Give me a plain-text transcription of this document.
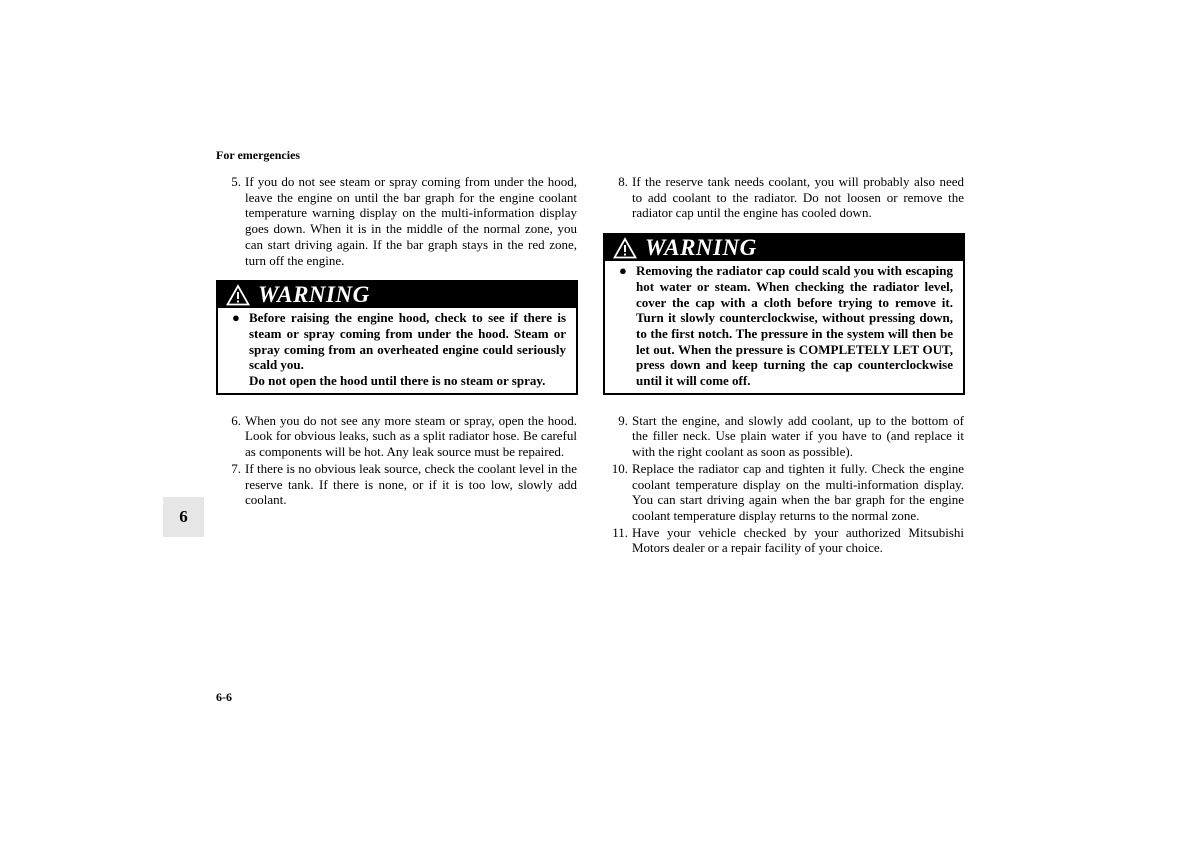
For emergencies
5. If you do not see steam or spray coming from under the hood, leave the engine on until the bar graph for the engine coolant temperature warning display on the multi-information display goes down. When it is in the middle of the normal zone, you can start driving again. If the bar graph stays in the red zone, turn off the engine.
WARNING
● Before raising the engine hood, check to see if there is steam or spray coming from under the hood. Steam or spray coming from an overheated engine could seriously scald you.

Do not open the hood until there is no steam or spray.

6. When you do not see any more steam or spray, open the hood. Look for obvious leaks, such as a split radiator hose. Be careful as components will be hot. Any leak source must be repaired.
7. If there is no obvious leak source, check the coolant level in the reserve tank. If there is none, or if it is too low, slowly add coolant.
8. If the reserve tank needs coolant, you will probably also need to add coolant to the radiator. Do not loosen or remove the radiator cap until the engine has cooled down.
WARNING
● Removing the radiator cap could scald you with escaping hot water or steam. When checking the radiator level, cover the cap with a cloth before trying to remove it. Turn it slowly counterclockwise, without pressing down, to the first notch. The pressure in the system will then be let out. When the pressure is COMPLETELY LET OUT, press down and keep turning the cap counterclockwise until it will come off.

9. Start the engine, and slowly add coolant, up to the bottom of the filler neck. Use plain water if you have to (and replace it with the right coolant as soon as possible).
10. Replace the radiator cap and tighten it fully. Check the engine coolant temperature display on the multi-information display. You can start driving again when the bar graph for the engine coolant temperature display returns to the normal zone.
11. Have your vehicle checked by your authorized Mitsubishi Motors dealer or a repair facility of your choice.
6
6-6
